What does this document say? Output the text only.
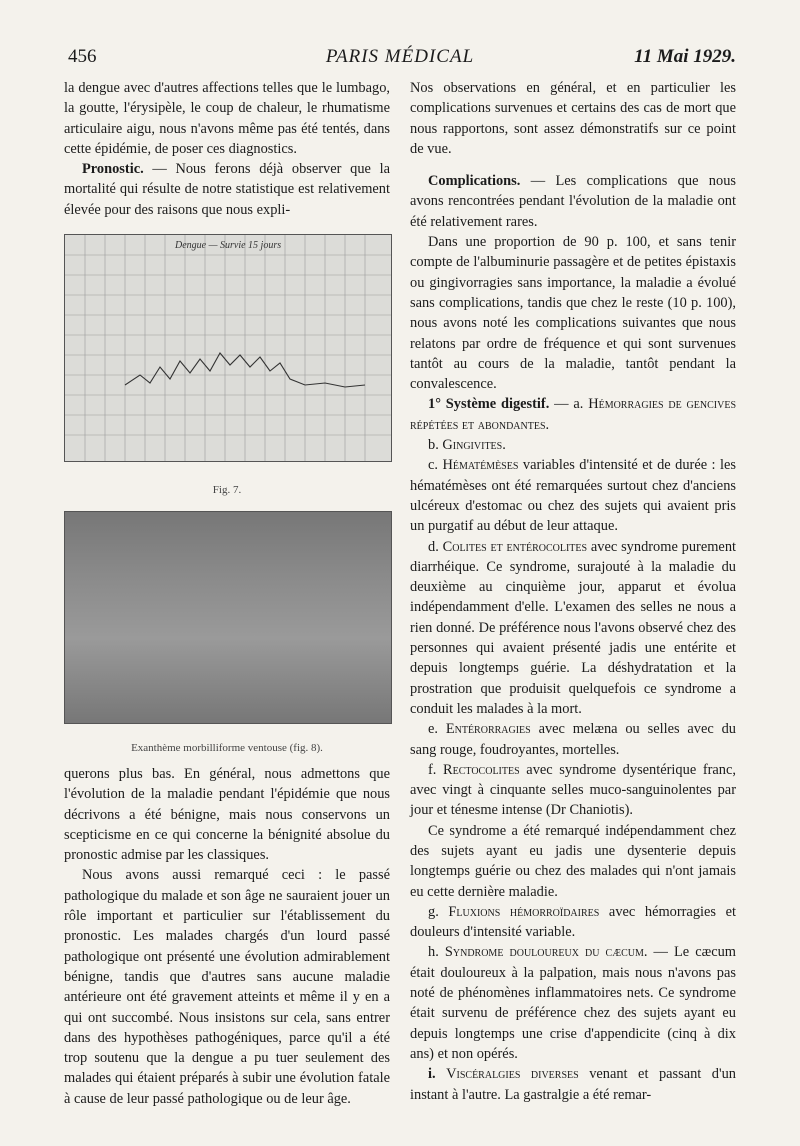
456	PARIS MÉDICAL	11 Mai 1929.

la dengue avec d'autres affections telles que le lumbago, la goutte, l'érysipèle, le coup de chaleur, le rhumatisme articulaire aigu, nous n'avons même pas été tentés, dans cette épidémie, de poser ces diagnostics.

Pronostic. — Nous ferons déjà observer que la mortalité qui résulte de notre statistique est relativement élevée pour des raisons que nous expli-

Dengue — Survie 15 jours
Fig. 7.
Exanthème morbilliforme ventouse (fig. 8).

querons plus bas. En général, nous admettons que l'évolution de la maladie pendant l'épidémie que nous décrivons a été bénigne, mais nous conservons un scepticisme en ce qui concerne la bénignité absolue du pronostic admise par les classiques.

Nous avons aussi remarqué ceci : le passé pathologique du malade et son âge ne sauraient jouer un rôle important et particulier sur l'établissement du pronostic. Les malades chargés d'un lourd passé pathologique ont présenté une évolution admirablement bénigne, tandis que d'autres sans aucune maladie antérieure ont été gravement atteints et même il y en a qui ont succombé. Nous insistons sur cela, sans entrer dans des hypothèses pathogéniques, parce qu'il a été trop soutenu que la dengue a pu tuer seulement des malades qui étaient préparés à subir une évolution fatale à cause de leur passé pathologique ou de leur âge.

Nos observations en général, et en particulier les complications survenues et certains des cas de mort que nous rapportons, sont assez démonstratifs sur ce point de vue.

Complications. — Les complications que nous avons rencontrées pendant l'évolution de la maladie ont été relativement rares.

Dans une proportion de 90 p. 100, et sans tenir compte de l'albuminurie passagère et de petites épistaxis ou gingivorragies sans importance, la maladie a évolué sans complications, tandis que chez le reste (10 p. 100), nous avons noté les complications suivantes que nous relatons par ordre de fréquence et qui sont survenues tantôt au cours de la maladie, tantôt pendant la convalescence.

1° Système digestif. — a. Hémorragies de gencives répétées et abondantes.

b. Gingivites.

c. Hématémèses variables d'intensité et de durée : les hématémèses ont été remarquées surtout chez d'anciens ulcéreux d'estomac ou chez des sujets qui avaient pris un purgatif au début de leur attaque.

d. Colites et entérocolites avec syndrome purement diarrhéique. Ce syndrome, surajouté à la maladie du deuxième au cinquième jour, apparut et évolua indépendamment d'elle. L'examen des selles ne nous a rien donné. De préférence nous l'avons observé chez des personnes qui avaient présenté jadis une entérite et depuis longtemps guérie. La déshydratation et la prostration que produisit quelquefois ce syndrome a conduit les malades à la mort.

e. Entérorragies avec melæna ou selles avec du sang rouge, foudroyantes, mortelles.

f. Rectocolites avec syndrome dysentérique franc, avec vingt à cinquante selles muco-sanguinolentes par jour et ténesme intense (Dr Chaniotis).

Ce syndrome a été remarqué indépendamment chez des sujets ayant eu jadis une dysenterie depuis longtemps guérie ou chez des malades qui n'ont jamais eu cette dernière maladie.

g. Fluxions hémorroïdaires avec hémorragies et douleurs d'intensité variable.

h. Syndrome douloureux du cæcum. — Le cæcum était douloureux à la palpation, mais nous n'avons pas noté de phénomènes inflammatoires nets. Ce syndrome était survenu de préférence chez des sujets ayant eu depuis longtemps une crise d'appendicite (cinq à dix ans) et non opérés.

i. Viscéralgies diverses venant et passant d'un instant à l'autre. La gastralgie a été remar-
